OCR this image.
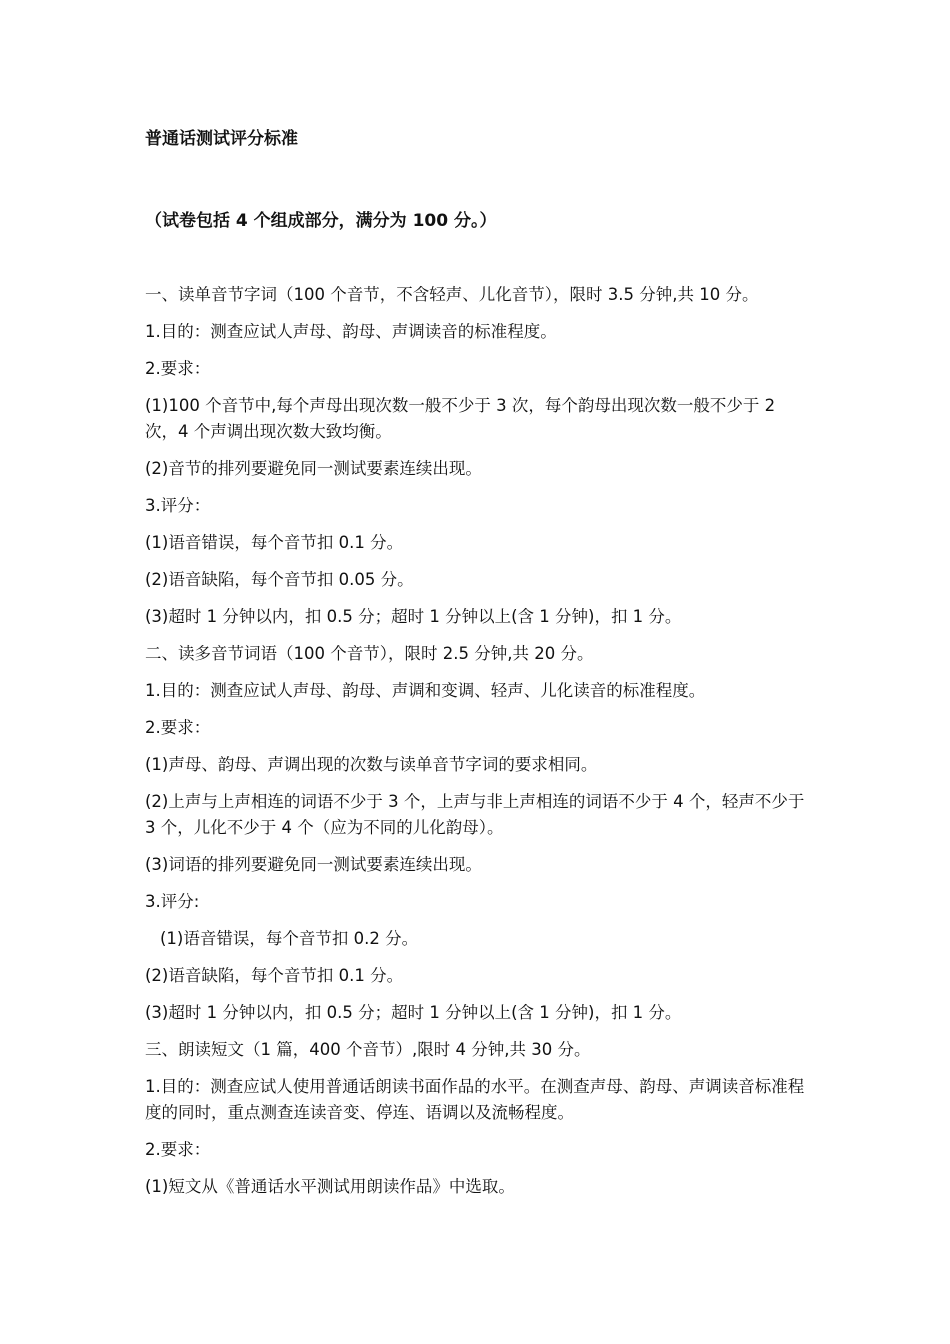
普通话测试评分标准
（试卷包括 4 个组成部分，满分为 100 分。）

一、读单音节字词（100 个音节，不含轻声、儿化音节），限时 3.5 分钟,共 10 分。

1.目的：测查应试人声母、韵母、声调读音的标准程度。

2.要求：

(1)100 个音节中,每个声母出现次数一般不少于 3 次，每个韵母出现次数一般不少于 2 次，4 个声调出现次数大致均衡。

(2)音节的排列要避免同一测试要素连续出现。

3.评分：

(1)语音错误，每个音节扣 0.1 分。

(2)语音缺陷，每个音节扣 0.05 分。

(3)超时 1 分钟以内，扣 0.5 分；超时 1 分钟以上(含 1 分钟)，扣 1 分。

二、读多音节词语（100 个音节），限时 2.5 分钟,共 20 分。

1.目的：测查应试人声母、韵母、声调和变调、轻声、儿化读音的标准程度。

2.要求：

(1)声母、韵母、声调出现的次数与读单音节字词的要求相同。

(2)上声与上声相连的词语不少于 3 个，上声与非上声相连的词语不少于 4 个，轻声不少于 3 个，儿化不少于 4 个（应为不同的儿化韵母）。

(3)词语的排列要避免同一测试要素连续出现。

3.评分:

(1)语音错误，每个音节扣 0.2 分。

(2)语音缺陷，每个音节扣 0.1 分。

(3)超时 1 分钟以内，扣 0.5 分；超时 1 分钟以上(含 1 分钟)，扣 1 分。

三、朗读短文（1 篇，400 个音节）,限时 4 分钟,共 30 分。

1.目的：测查应试人使用普通话朗读书面作品的水平。在测查声母、韵母、声调读音标准程度的同时，重点测查连读音变、停连、语调以及流畅程度。

2.要求：

(1)短文从《普通话水平测试用朗读作品》中选取。
